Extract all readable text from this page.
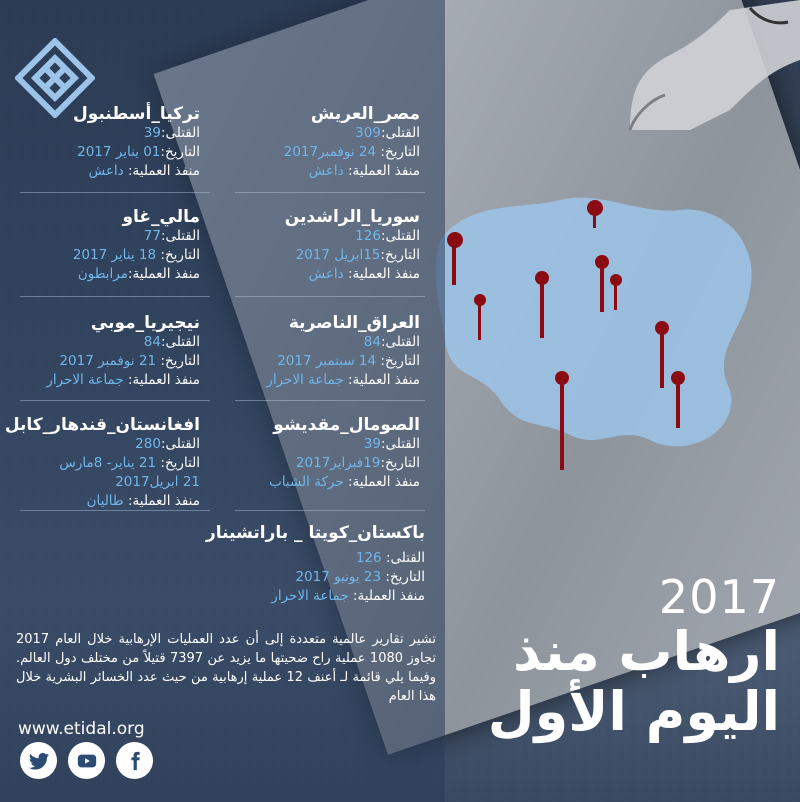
مصر_العريش
القتلى:309
التاريخ: 24 نوفمبر2017
منفذ العملية: داعش
تركيا_أسطنبول
القتلى:39
التاريخ:01 يناير 2017
منفذ العملية: داعش
سوريا_الراشدين
القتلى:126
التاريخ:15ابريل 2017
منفذ العملية: داعش
مالي_غاو
القتلى:77
التاريخ: 18 يناير 2017
منفذ العملية:مرابطون
العراق_الناصرية
القتلى:84
التاريخ: 14 سبتمبر 2017
منفذ العملية: جماعة الاحرار
نيجيريا_موبي
القتلى:84
التاريخ: 21 نوفمبر 2017
منفذ العملية: جماعة الاحرار
الصومال_مقديشو
القتلى:39
التاريخ:19فبراير2017
منفذ العملية: حركة الشباب
افغانستان_قندهار_كابل
القتلى:280
التاريخ: 21 يناير- 8مارس
21 ابريل2017
منفذ العملية: طاليان
باكستان_كويتا _ باراتشينار
القتلى: 126
التاريخ: 23 يونيو 2017
منفذ العملية: جماعة الاحرار	2017
ارهاب منذ
اليوم الأول
تشير تقارير عالمية متعددة إلى أن عدد العمليات الإرهابية خلال العام 2017 تجاوز 1080 عملية راح ضحيتها ما يزيد عن 7397 قتيلاً من مختلف دول العالم. وفيما يلي قائمة لـ أعنف 12 عملية إرهابية من حيث عدد الخسائر البشرية خلال هذا العام
www.etidal.org
